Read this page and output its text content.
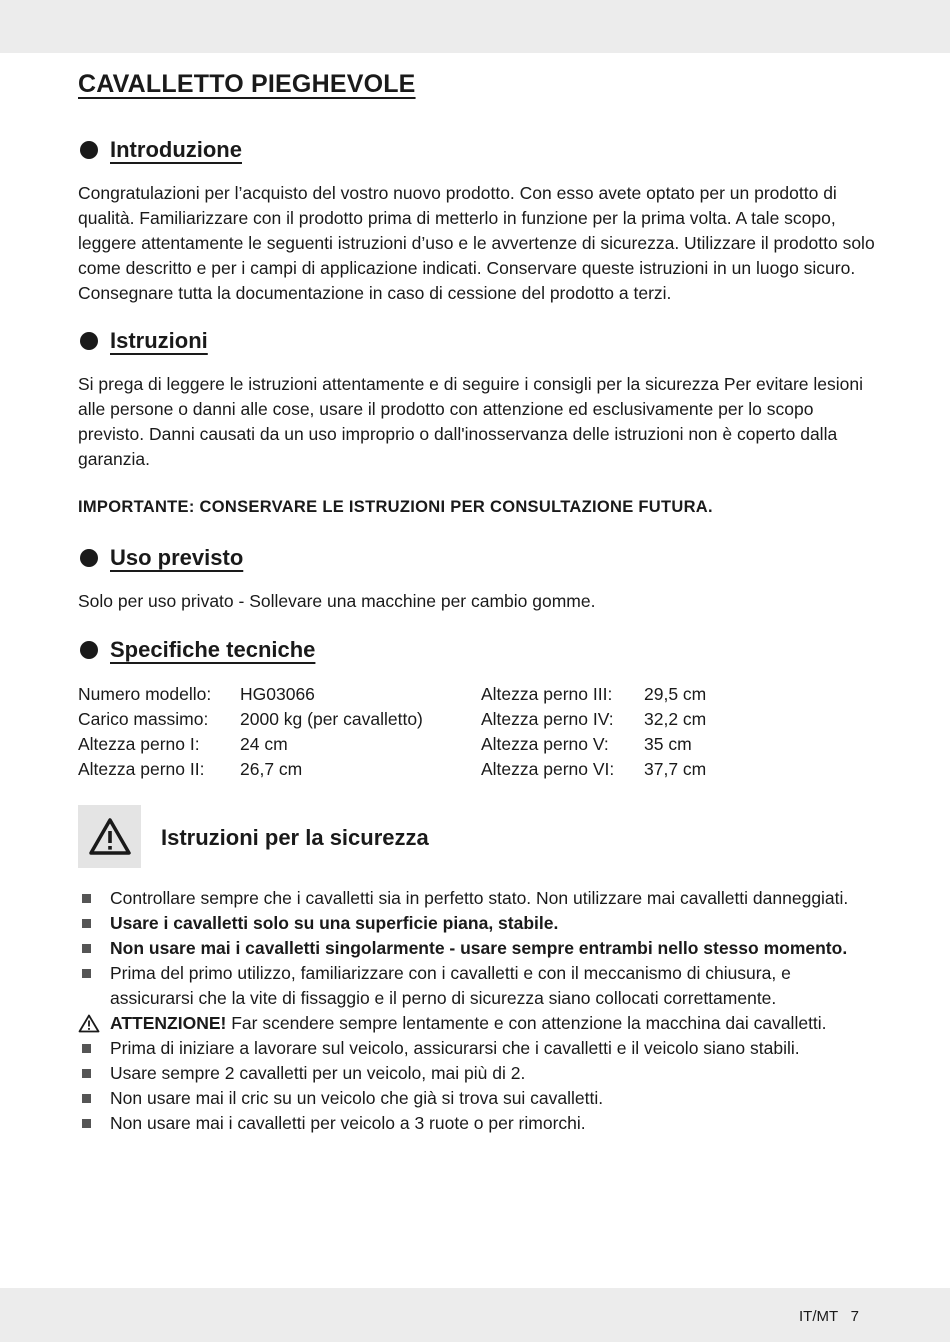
CAVALLETTO PIEGHEVOLE
Introduzione

Congratulazioni per l’acquisto del vostro nuovo prodotto. Con esso avete optato per un prodotto di qualità. Familiarizzare con il prodotto prima di metterlo in funzione per la prima volta. A tale scopo, leggere attentamente le seguenti istruzioni d’uso e le avvertenze di sicurezza. Utilizzare il prodotto solo come descritto e per i campi di applicazione indicati. Conservare queste istruzioni in un luogo sicuro. Consegnare tutta la documentazione in caso di cessione del prodotto a terzi.

Istruzioni

Si prega di leggere le istruzioni attentamente e di seguire i consigli per la sicurezza Per evitare lesioni alle persone o danni alle cose, usare il prodotto con attenzione ed esclusivamente per lo scopo previsto. Danni causati da un uso improprio o dall'inosservanza delle istruzioni non è coperto dalla garanzia.

IMPORTANTE: CONSERVARE LE ISTRUZIONI PER CONSULTAZIONE FUTURA.

Uso previsto

Solo per uso privato - Sollevare una macchine per cambio gomme.

Specifiche tecniche
Numero modello: HG03066	Altezza perno III: 29,5 cm
Carico massimo: 2000 kg (per cavalletto)	Altezza perno IV: 32,2 cm
Altezza perno I: 24 cm	Altezza perno V: 35 cm
Altezza perno II: 26,7 cm	Altezza perno VI: 37,7 cm
Istruzioni per la sicurezza
Controllare sempre che i cavalletti sia in perfetto stato. Non utilizzare mai cavalletti danneggiati.
Usare i cavalletti solo su una superficie piana, stabile.
Non usare mai i cavalletti singolarmente - usare sempre entrambi nello stesso momento.
Prima del primo utilizzo, familiarizzare con i cavalletti e con il meccanismo di chiusura, e assicurarsi che la vite di fissaggio e il perno di sicurezza siano collocati correttamente.
ATTENZIONE! Far scendere sempre lentamente e con attenzione la macchina dai cavalletti.
Prima di iniziare a lavorare sul veicolo, assicurarsi che i cavalletti e il veicolo siano stabili.
Usare sempre 2 cavalletti per un veicolo, mai più di 2.
Non usare mai il cric su un veicolo che già si trova sui cavalletti.
Non usare mai i cavalletti per veicolo a 3 ruote o per rimorchi.
IT/MT 7
